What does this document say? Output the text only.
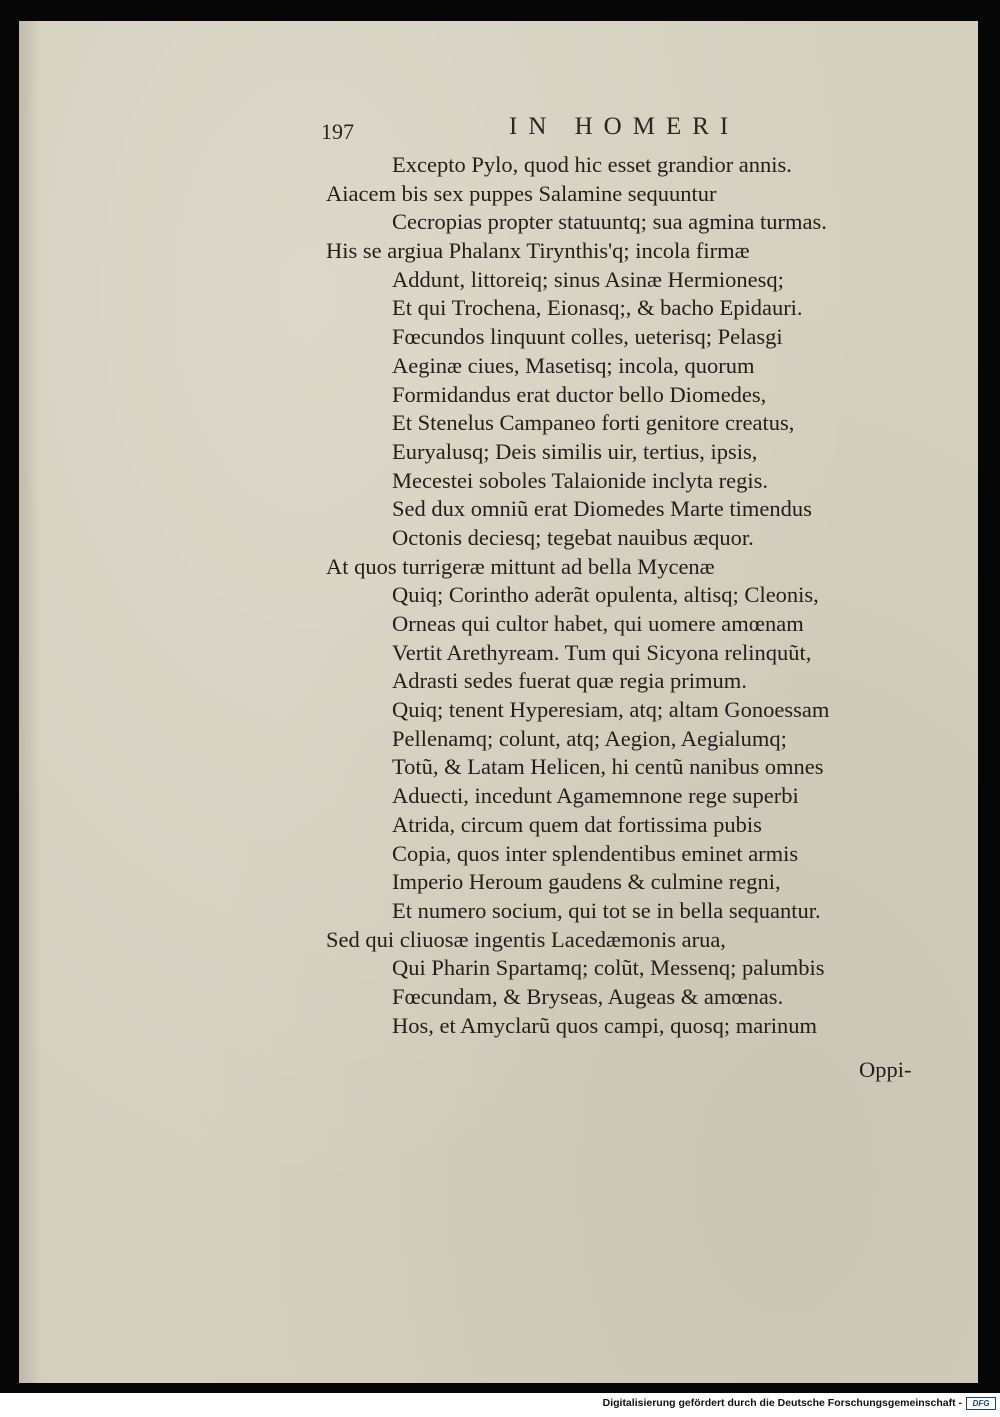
197	IN HOMERI
Excepto Pylo, quod hic esset grandior annis.
Aiacem bis sex puppes Salamine sequuntur
Cecropias propter statuuntq; sua agmina turmas.
His se argiua Phalanx Tirynthis'q; incola firmæ
Addunt, littoreiq; sinus Asinæ Hermionesq;
Et qui Trochena, Eionasq;, & bacho Epidauri.
Fœcundos linquunt colles, ueterisq; Pelasgi
Aeginæ ciues, Masetisq; incola, quorum
Formidandus erat ductor bello Diomedes,
Et Stenelus Campaneo forti genitore creatus,
Euryalusq; Deis similis uir, tertius, ipsis,
Mecestei soboles Talaionide inclyta regis.
Sed dux omniũ erat Diomedes Marte timendus
Octonis deciesq; tegebat nauibus æquor.
At quos turrigeræ mittunt ad bella Mycenæ
Quiq; Corintho aderãt opulenta, altisq; Cleonis,
Orneas qui cultor habet, qui uomere amœnam
Vertit Arethyream. Tum qui Sicyona relinquũt,
Adrasti sedes fuerat quæ regia primum.
Quiq; tenent Hyperesiam, atq; altam Gonoessam
Pellenamq; colunt, atq; Aegion, Aegialumq;
Totũ, & Latam Helicen, hi centũ nanibus omnes
Aduecti, incedunt Agamemnone rege superbi
Atrida, circum quem dat fortissima pubis
Copia, quos inter splendentibus eminet armis
Imperio Heroum gaudens & culmine regni,
Et numero socium, qui tot se in bella sequantur.
Sed qui cliuosæ ingentis Lacedæmonis arua,
Qui Pharin Spartamq; colũt, Messenq; palumbis
Fœcundam, & Bryseas, Augeas & amœnas.
Hos, et Amyclarũ quos campi, quosq; marinum
Oppi-
Digitalisierung gefördert durch die Deutsche Forschungsgemeinschaft -	DFG
